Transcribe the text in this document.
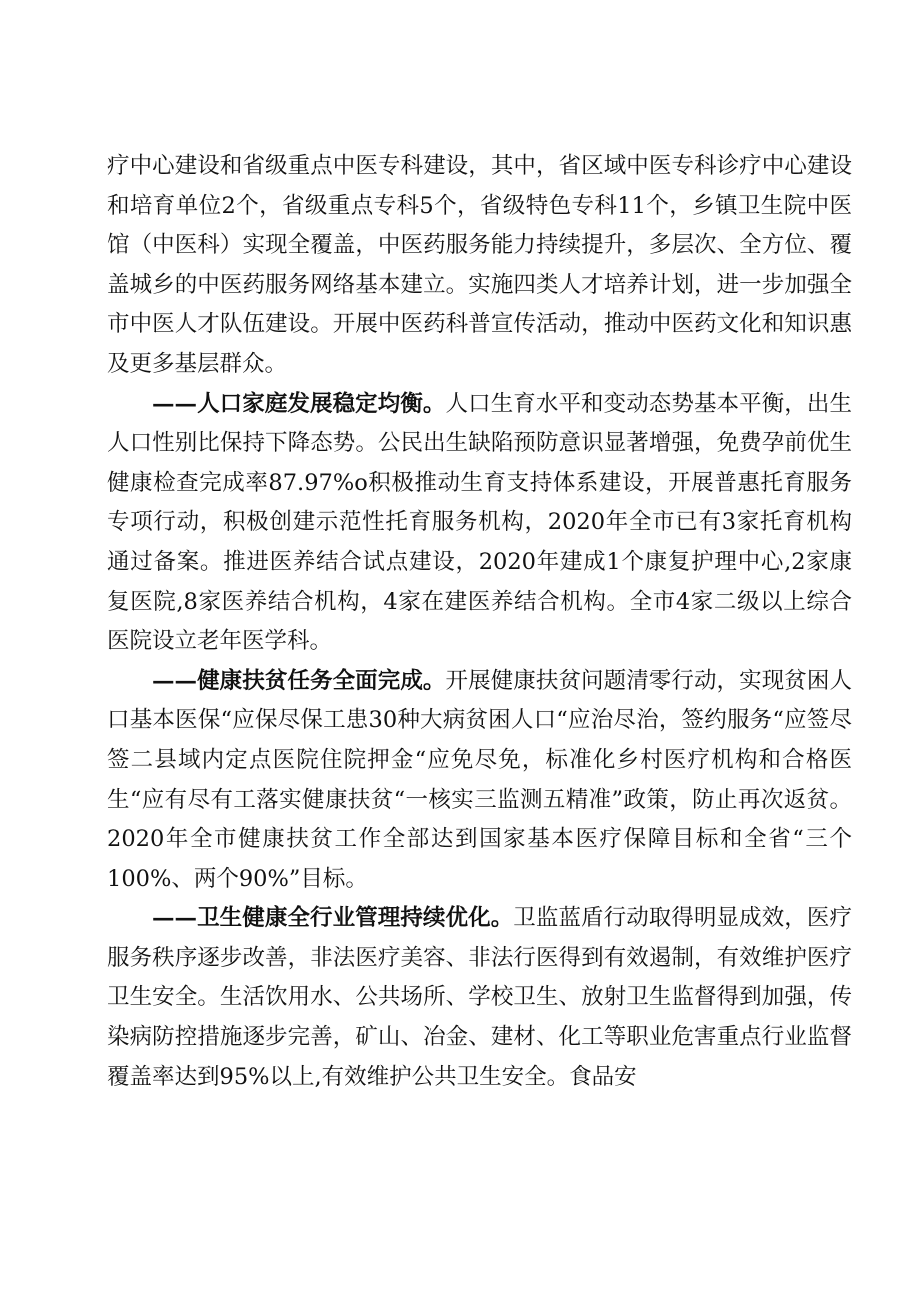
疗中心建设和省级重点中医专科建设，其中，省区域中医专科诊疗中心建设和培育单位2个，省级重点专科5个，省级特色专科11个，乡镇卫生院中医馆（中医科）实现全覆盖，中医药服务能力持续提升，多层次、全方位、覆盖城乡的中医药服务网络基本建立。实施四类人才培养计划，进一步加强全市中医人才队伍建设。开展中医药科普宣传活动，推动中医药文化和知识惠及更多基层群众。

——人口家庭发展稳定均衡。人口生育水平和变动态势基本平衡，出生人口性别比保持下降态势。公民出生缺陷预防意识显著增强，免费孕前优生健康检查完成率87.97%o积极推动生育支持体系建设，开展普惠托育服务专项行动，积极创建示范性托育服务机构，2020年全市已有3家托育机构通过备案。推进医养结合试点建设，2020年建成1个康复护理中心,2家康复医院,8家医养结合机构，4家在建医养结合机构。全市4家二级以上综合医院设立老年医学科。

——健康扶贫任务全面完成。开展健康扶贫问题清零行动，实现贫困人口基本医保“应保尽保工患30种大病贫困人口“应治尽治，签约服务“应签尽签二县域内定点医院住院押金“应免尽免，标准化乡村医疗机构和合格医生“应有尽有工落实健康扶贫“一核实三监测五精准”政策，防止再次返贫。2020年全市健康扶贫工作全部达到国家基本医疗保障目标和全省“三个100%、两个90%”目标。

——卫生健康全行业管理持续优化。卫监蓝盾行动取得明显成效，医疗服务秩序逐步改善，非法医疗美容、非法行医得到有效遏制，有效维护医疗卫生安全。生活饮用水、公共场所、学校卫生、放射卫生监督得到加强，传染病防控措施逐步完善，矿山、冶金、建材、化工等职业危害重点行业监督覆盖率达到95%以上,有效维护公共卫生安全。食品安
